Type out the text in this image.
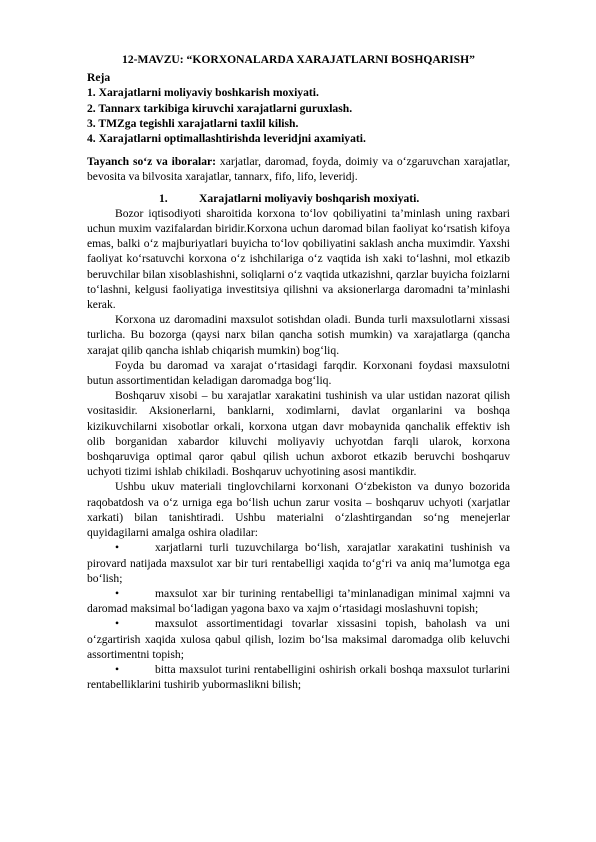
12-MAVZU: “KORXONALARDA XARAJATLARNI BOSHQARISH”
Reja
1. Xarajatlarni moliyaviy boshkarish moxiyati.
2. Tannarx tarkibiga kiruvchi xarajatlarni guruxlash.
3. TMZga tegishli xarajatlarni taxlil kilish.
4. Xarajatlarni optimallashtirishda leveridjni axamiyati.

Tayanch so‘z va iboralar: xarjatlar, daromad, foyda, doimiy va o‘zgaruvchan xarajatlar, bevosita va bilvosita xarajatlar, tannarx, fifo, lifo, leveridj.

1.	Xarajatlarni moliyaviy boshqarish moxiyati.

Bozor iqtisodiyoti sharoitida korxona to‘lov qobiliyatini ta’minlash uning raxbari uchun muxim vazifalardan biridir.Korxona uchun daromad bilan faoliyat ko‘rsatish kifoya emas, balki o‘z majburiyatlari buyicha to‘lov qobiliyatini saklash ancha muximdir. Yaxshi faoliyat ko‘rsatuvchi korxona o‘z ishchilariga o‘z vaqtida ish xaki to‘lashni, mol etkazib beruvchilar bilan xisoblashishni, soliqlarni o‘z vaqtida utkazishni, qarzlar buyicha foizlarni to‘lashni, kelgusi faoliyatiga investitsiya qilishni va aksionerlarga daromadni ta’minlashi kerak.

Korxona uz daromadini maxsulot sotishdan oladi. Bunda turli maxsulotlarni xissasi turlicha. Bu bozorga (qaysi narx bilan qancha sotish mumkin) va xarajatlarga (qancha xarajat qilib qancha ishlab chiqarish mumkin) bog‘liq.

Foyda bu daromad va xarajat o‘rtasidagi farqdir. Korxonani foydasi maxsulotni butun assortimentidan keladigan daromadga bog‘liq.

Boshqaruv xisobi – bu xarajatlar xarakatini tushinish va ular ustidan nazorat qilish vositasidir. Aksionerlarni, banklarni, xodimlarni, davlat organlarini va boshqa kizikuvchilarni xisobotlar orkali, korxona utgan davr mobaynida qanchalik effektiv ish olib borganidan xabardor kiluvchi moliyaviy uchyotdan farqli ularok, korxona boshqaruviga optimal qaror qabul qilish uchun axborot etkazib beruvchi boshqaruv uchyoti tizimi ishlab chikiladi. Boshqaruv uchyotining asosi mantikdir.

Ushbu ukuv materiali tinglovchilarni korxonani O‘zbekiston va dunyo bozorida raqobatdosh va o‘z urniga ega bo‘lish uchun zarur vosita – boshqaruv uchyoti (xarjatlar xarkati) bilan tanishtiradi. Ushbu materialni o‘zlashtirgandan so‘ng menejerlar quyidagilarni amalga oshira oladilar:

•	xarjatlarni turli tuzuvchilarga bo‘lish, xarajatlar xarakatini tushinish va pirovard natijada maxsulot xar bir turi rentabelligi xaqida to‘g‘ri va aniq ma’lumotga ega bo‘lish;

•	maxsulot xar bir turining rentabelligi ta’minlanadigan minimal xajmni va daromad maksimal bo‘ladigan yagona baxo va xajm o‘rtasidagi moslashuvni topish;

•	maxsulot assortimentidagi tovarlar xissasini topish, baholash va uni o‘zgartirish xaqida xulosa qabul qilish, lozim bo‘lsa maksimal daromadga olib keluvchi assortimentni topish;

•	bitta maxsulot turini rentabelligini oshirish orkali boshqa maxsulot turlarini rentabelliklarini tushirib yubormaslikni bilish;
